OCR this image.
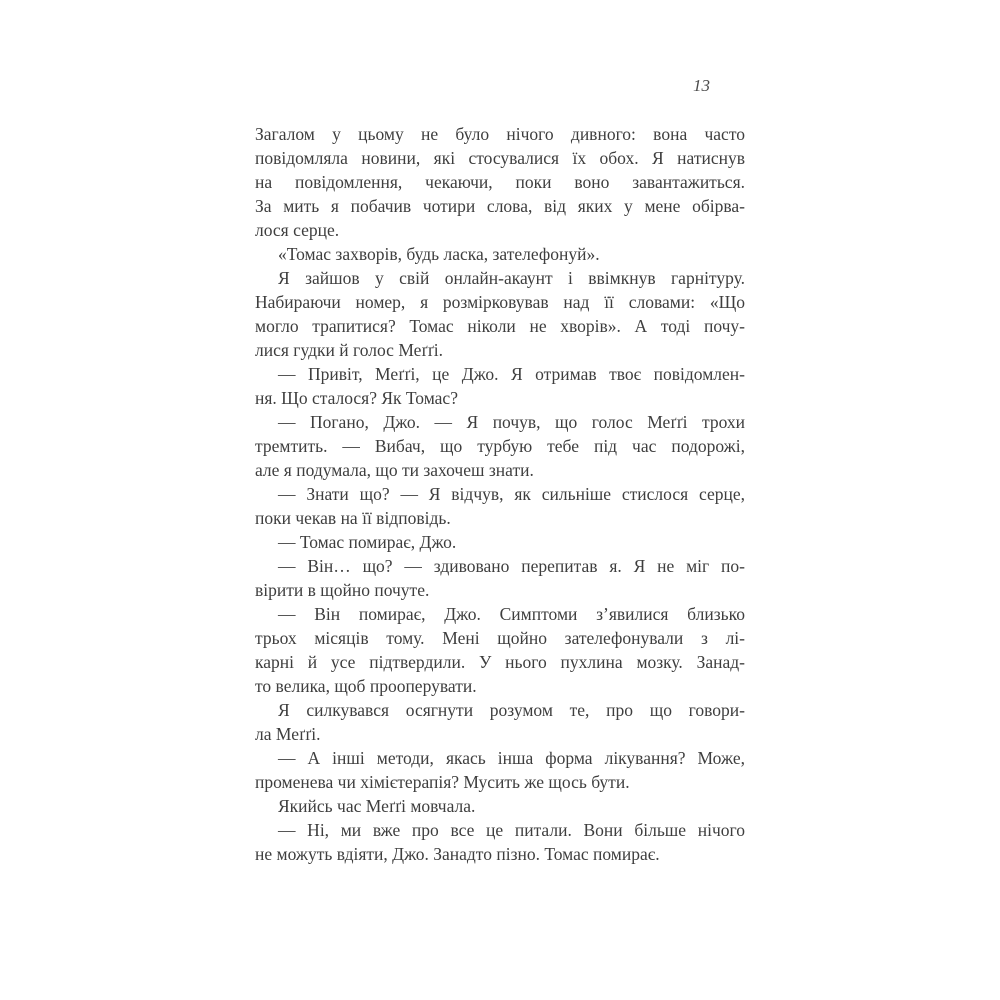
13
Загалом у цьому не було нічого дивного: вона часто
повідомляла новини, які стосувалися їх обох. Я натиснув
на повідомлення, чекаючи, поки воно завантажиться.
За мить я побачив чотири слова, від яких у мене обірва-
лося серце.
«Томас захворів, будь ласка, зателефонуй».
Я зайшов у свій онлайн-акаунт і ввімкнув гарнітуру.
Набираючи номер, я розмірковував над її словами: «Що
могло трапитися? Томас ніколи не хворів». А тоді почу-
лися гудки й голос Меґґі.
— Привіт, Меґґі, це Джо. Я отримав твоє повідомлен-
ня. Що сталося? Як Томас?
— Погано, Джо. — Я почув, що голос Меґґі трохи
тремтить. — Вибач, що турбую тебе під час подорожі,
але я подумала, що ти захочеш знати.
— Знати що? — Я відчув, як сильніше стислося серце,
поки чекав на її відповідь.
— Томас помирає, Джо.
— Він… що? — здивовано перепитав я. Я не міг по-
вірити в щойно почуте.
— Він помирає, Джо. Симптоми з’явилися близько
трьох місяців тому. Мені щойно зателефонували з лі-
карні й усе підтвердили. У нього пухлина мозку. Занад-
то велика, щоб прооперувати.
Я силкувався осягнути розумом те, про що говори-
ла Меґґі.
— А інші методи, якась інша форма лікування? Може,
променева чи хімієтерапія? Мусить же щось бути.
Якийсь час Меґґі мовчала.
— Ні, ми вже про все це питали. Вони більше нічого
не можуть вдіяти, Джо. Занадто пізно. Томас помирає.
